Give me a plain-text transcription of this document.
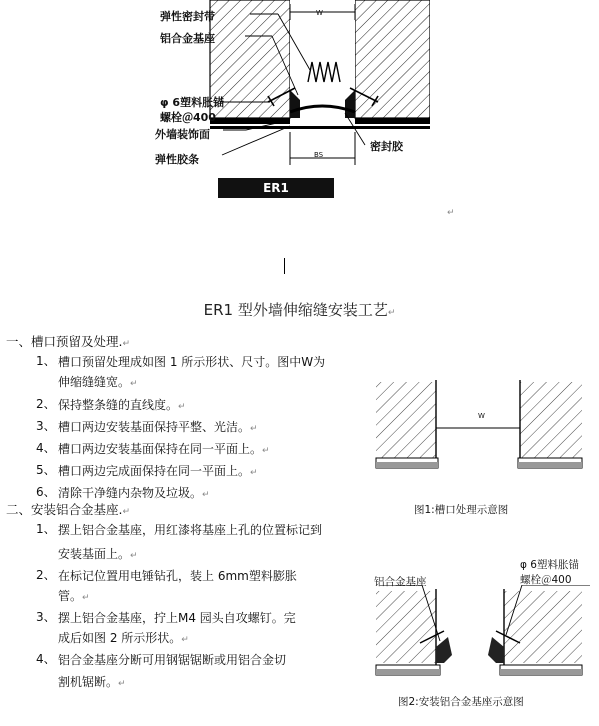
弹性密封带
铝合金基座
φ 6塑料胀锚
螺栓＠400
外墙装饰面
弹性胶条
密封胶
W
BS
ER1
↵
ER1 型外墙伸缩缝安装工艺↵
一、槽口预留及处理.↵
1、 槽口预留处理成如图 1 所示形状、尺寸。图中W为
伸缩缝缝宽。↵
2、 保持整条缝的直线度。↵
3、 槽口两边安装基面保持平整、光洁。↵
4、 槽口两边安装基面保持在同一平面上。↵
5、 槽口两边完成面保持在同一平面上。↵
6、 清除干净缝内杂物及垃圾。↵
二、安装铝合金基座.↵
1、 摆上铝合金基座，用红漆将基座上孔的位置标记到
安装基面上。↵
2、 在标记位置用电锤钻孔，装上 6mm塑料膨胀
管。↵
3、 摆上铝合金基座，拧上M4 园头自攻螺钉。完
成后如图 2 所示形状。↵
4、 铝合金基座分断可用钢锯锯断或用铝合金切
割机锯断。↵
W
图1:槽口处理示意图
铝合金基座
φ 6塑料胀锚
螺栓＠400
图2:安装铝合金基座示意图
